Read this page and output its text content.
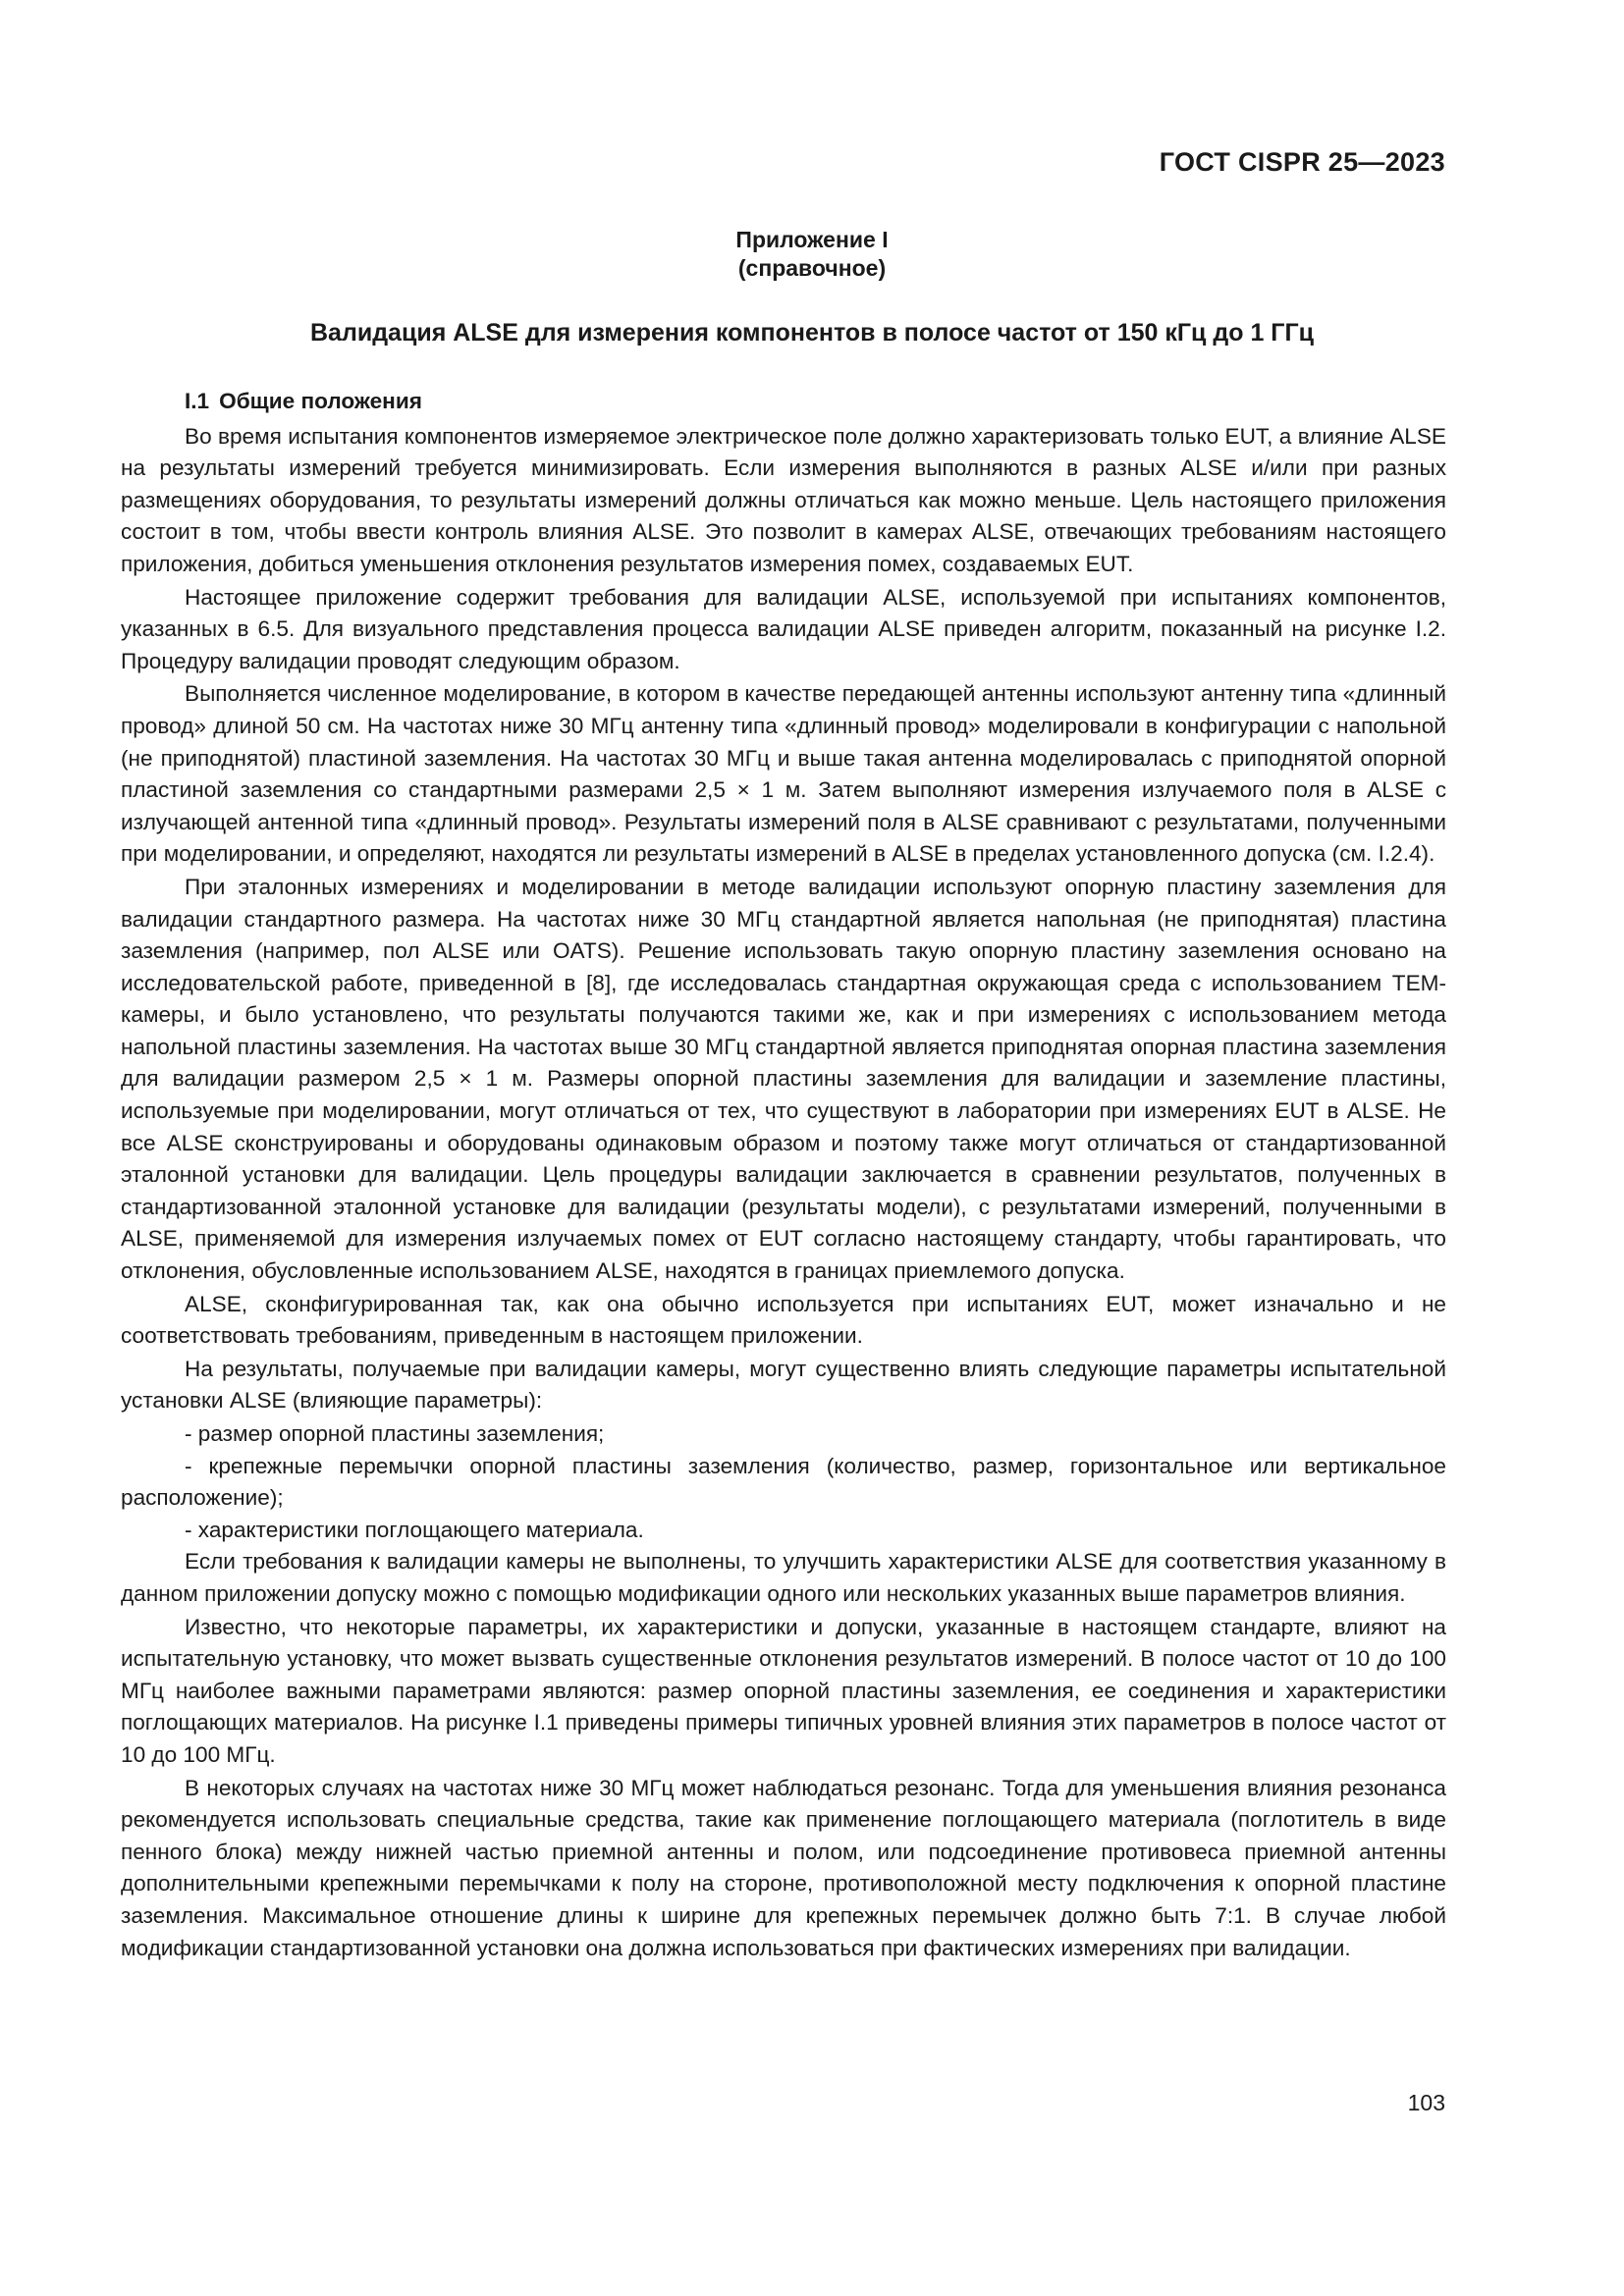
ГОСТ CISPR 25—2023
Приложение I
(справочное)
Валидация ALSE для измерения компонентов в полосе частот от 150 кГц до 1 ГГц
I.1 Общие положения

Во время испытания компонентов измеряемое электрическое поле должно характеризовать только EUT, а влияние ALSE на результаты измерений требуется минимизировать. Если измерения выполняются в разных ALSE и/или при разных размещениях оборудования, то результаты измерений должны отличаться как можно меньше. Цель настоящего приложения состоит в том, чтобы ввести контроль влияния ALSE. Это позволит в камерах ALSE, отвечающих требованиям настоящего приложения, добиться уменьшения отклонения результатов измерения помех, создаваемых EUT.

Настоящее приложение содержит требования для валидации ALSE, используемой при испытаниях компонентов, указанных в 6.5. Для визуального представления процесса валидации ALSE приведен алгоритм, показанный на рисунке I.2. Процедуру валидации проводят следующим образом.

Выполняется численное моделирование, в котором в качестве передающей антенны используют антенну типа «длинный провод» длиной 50 см. На частотах ниже 30 МГц антенну типа «длинный провод» моделировали в конфигурации с напольной (не приподнятой) пластиной заземления. На частотах 30 МГц и выше такая антенна моделировалась с приподнятой опорной пластиной заземления со стандартными размерами 2,5 × 1 м. Затем выполняют измерения излучаемого поля в ALSE с излучающей антенной типа «длинный провод». Результаты измерений поля в ALSE сравнивают с результатами, полученными при моделировании, и определяют, находятся ли результаты измерений в ALSE в пределах установленного допуска (см. I.2.4).

При эталонных измерениях и моделировании в методе валидации используют опорную пластину заземления для валидации стандартного размера. На частотах ниже 30 МГц стандартной является напольная (не приподнятая) пластина заземления (например, пол ALSE или OATS). Решение использовать такую опорную пластину заземления основано на исследовательской работе, приведенной в [8], где исследовалась стандартная окружающая среда с использованием ТЕМ-камеры, и было установлено, что результаты получаются такими же, как и при измерениях с использованием метода напольной пластины заземления. На частотах выше 30 МГц стандартной является приподнятая опорная пластина заземления для валидации размером 2,5 × 1 м. Размеры опорной пластины заземления для валидации и заземление пластины, используемые при моделировании, могут отличаться от тех, что существуют в лаборатории при измерениях EUT в ALSE. Не все ALSE сконструированы и оборудованы одинаковым образом и поэтому также могут отличаться от стандартизованной эталонной установки для валидации. Цель процедуры валидации заключается в сравнении результатов, полученных в стандартизованной эталонной установке для валидации (результаты модели), с результатами измерений, полученными в ALSE, применяемой для измерения излучаемых помех от EUT согласно настоящему стандарту, чтобы гарантировать, что отклонения, обусловленные использованием ALSE, находятся в границах приемлемого допуска.

ALSE, сконфигурированная так, как она обычно используется при испытаниях EUT, может изначально и не соответствовать требованиям, приведенным в настоящем приложении.

На результаты, получаемые при валидации камеры, могут существенно влиять следующие параметры испытательной установки ALSE (влияющие параметры):

- размер опорной пластины заземления;

- крепежные перемычки опорной пластины заземления (количество, размер, горизонтальное или вертикальное расположение);

- характеристики поглощающего материала.

Если требования к валидации камеры не выполнены, то улучшить характеристики ALSE для соответствия указанному в данном приложении допуску можно с помощью модификации одного или нескольких указанных выше параметров влияния.

Известно, что некоторые параметры, их характеристики и допуски, указанные в настоящем стандарте, влияют на испытательную установку, что может вызвать существенные отклонения результатов измерений. В полосе частот от 10 до 100 МГц наиболее важными параметрами являются: размер опорной пластины заземления, ее соединения и характеристики поглощающих материалов. На рисунке I.1 приведены примеры типичных уровней влияния этих параметров в полосе частот от 10 до 100 МГц.

В некоторых случаях на частотах ниже 30 МГц может наблюдаться резонанс. Тогда для уменьшения влияния резонанса рекомендуется использовать специальные средства, такие как применение поглощающего материала (поглотитель в виде пенного блока) между нижней частью приемной антенны и полом, или подсоединение противовеса приемной антенны дополнительными крепежными перемычками к полу на стороне, противоположной месту подключения к опорной пластине заземления. Максимальное отношение длины к ширине для крепежных перемычек должно быть 7:1. В случае любой модификации стандартизованной установки она должна использоваться при фактических измерениях при валидации.

103
